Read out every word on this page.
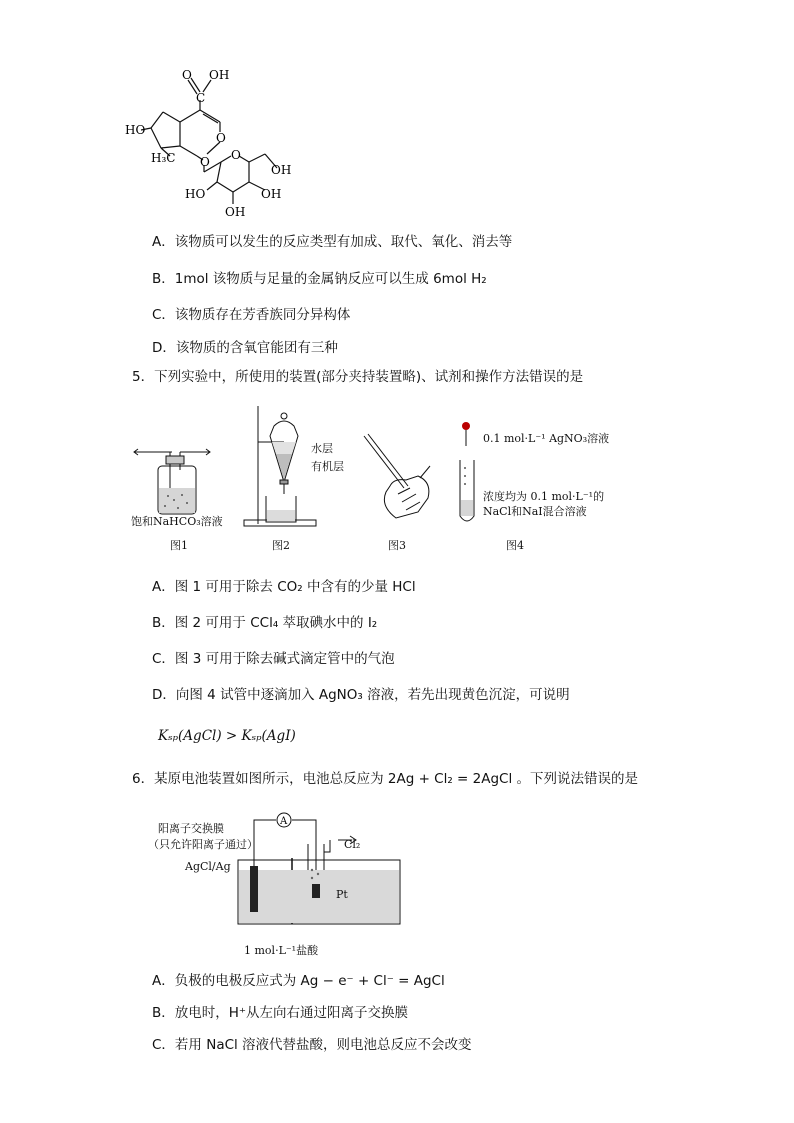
O OH
C
O
HO
H₃C O O
OH
HO	OH
OH
A．该物质可以发生的反应类型有加成、取代、氧化、消去等
B．1mol 该物质与足量的金属钠反应可以生成 6mol H₂
C．该物质存在芳香族同分异构体
D．该物质的含氧官能团有三种
5．下列实验中，所使用的装置(部分夹持装置略)、试剂和操作方法错误的是
饱和NaHCO₃溶液
图1
水层
有机层
图2	图3
0.1 mol·L⁻¹ AgNO₃溶液
浓度均为 0.1 mol·L⁻¹的
NaCl和NaI混合溶液
图4
A．图 1 可用于除去 CO₂ 中含有的少量 HCl
B．图 2 可用于 CCl₄ 萃取碘水中的 I₂
C．图 3 可用于除去碱式滴定管中的气泡
D．向图 4 试管中逐滴加入 AgNO₃ 溶液，若先出现黄色沉淀，可说明
Kₛₚ(AgCl) > Kₛₚ(AgI)
6．某原电池装置如图所示，电池总反应为 2Ag + Cl₂ = 2AgCl 。下列说法错误的是
A
阳离子交换膜
（只允许阳离子通过）
AgCl/Ag
Cl₂
Pt
1 mol·L⁻¹盐酸
A．负极的电极反应式为 Ag − e⁻ + Cl⁻ = AgCl
B．放电时，H⁺从左向右通过阳离子交换膜
C．若用 NaCl 溶液代替盐酸，则电池总反应不会改变
